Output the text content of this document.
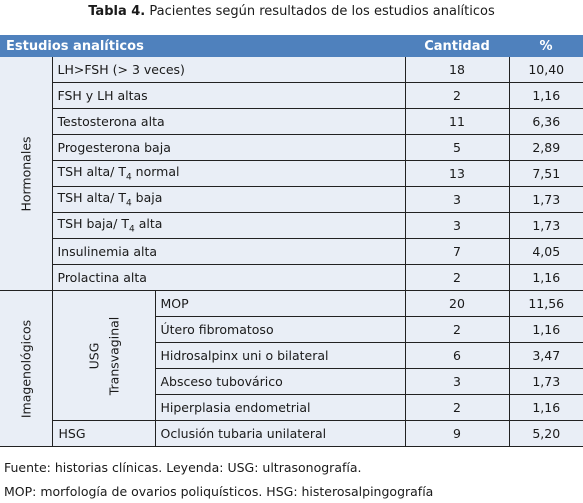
Tabla 4. Pacientes según resultados de los estudios analíticos
Estudios analíticos			Cantidad	%

Hormonales	LH>FSH (> 3 veces)		18	10,40
	FSH y LH altas		2	1,16
	Testosterona alta		11	6,36
	Progesterona baja		5	2,89
	TSH alta/ $T_4$ normal		13	7,51
	TSH alta/ $T_4$ baja		3	1,73
	TSH baja/ $T_4$ alta		3	1,73
	Insulinemia alta		7	4,05
	Prolactina alta		2	1,16

Imagenológicos	USG Transvaginal	MOP	20	11,56
		Útero fibromatoso	2	1,16
		Hidrosalpinx uni o bilateral	6	3,47
		Absceso tubovárico	3	1,73
		Hiperplasia endometrial	2	1,16
	HSG	Oclusión tubaria unilateral	9	5,20
Fuente: historias clínicas. Leyenda: USG: ultrasonografía.
MOP: morfología de ovarios poliquísticos. HSG: histerosalpingografía
